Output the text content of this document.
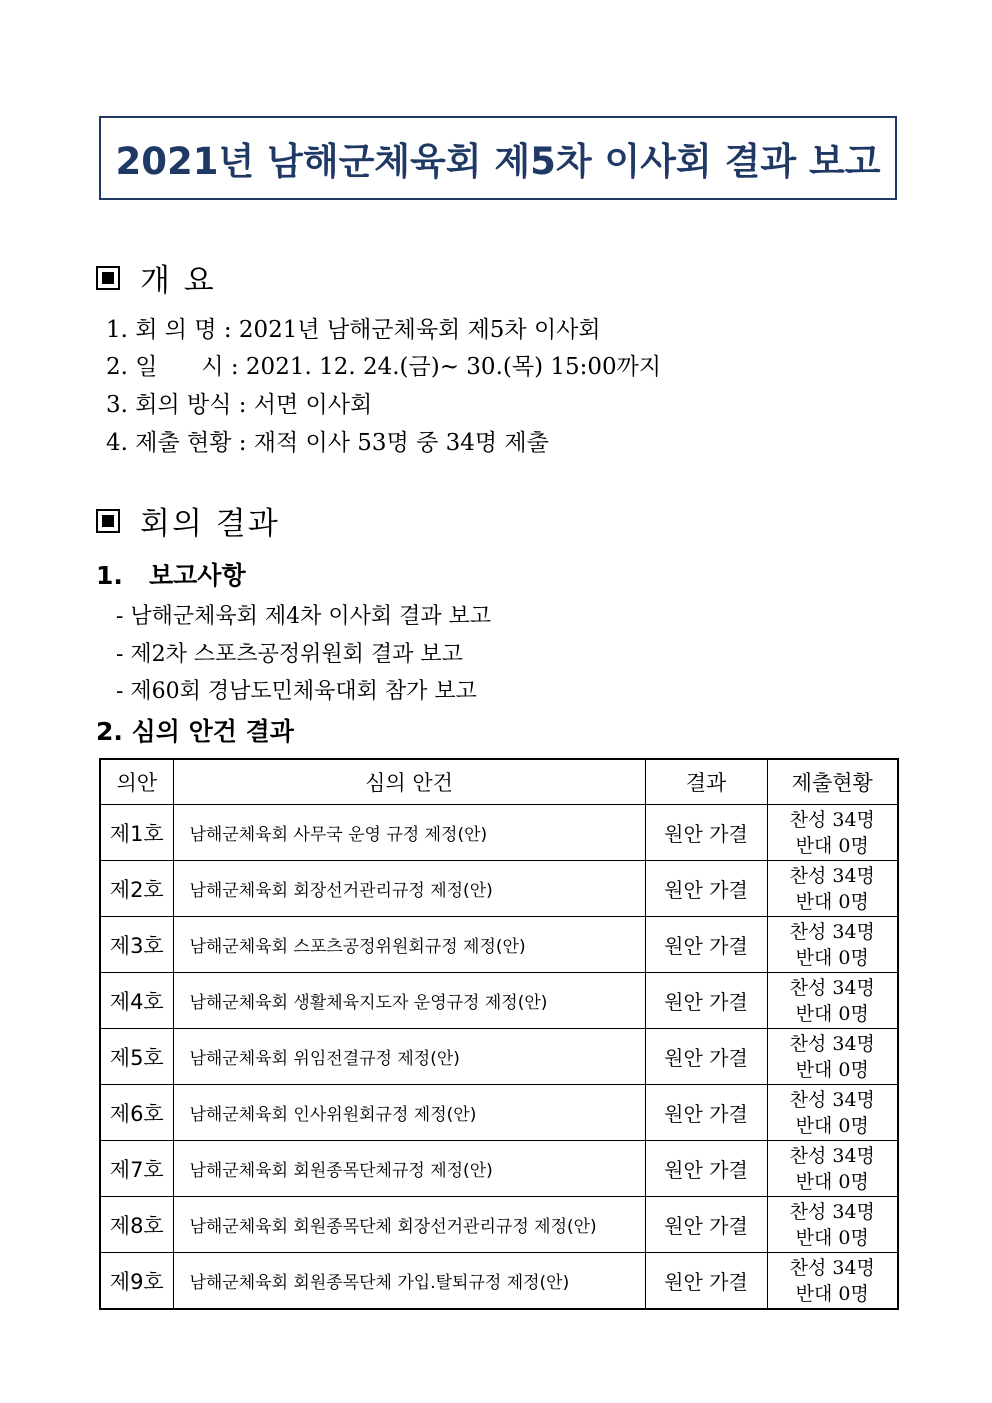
2021년 남해군체육회 제5차 이사회 결과 보고
개 요
1. 회 의 명 : 2021년 남해군체육회 제5차 이사회
2. 일      시 : 2021. 12. 24.(금)~ 30.(목) 15:00까지
3. 회의 방식 : 서면 이사회
4. 제출 현황 : 재적 이사 53명 중 34명 제출
회의 결과
1.   보고사항
- 남해군체육회 제4차 이사회 결과 보고
- 제2차 스포츠공정위원회 결과 보고
- 제60회 경남도민체육대회 참가 보고
2. 심의 안건 결과
의안	심의 안건	결과	제출현황
제1호	남해군체육회 사무국 운영 규정 제정(안)	원안 가결	찬성 34명
반대 0명

제2호	남해군체육회 회장선거관리규정 제정(안)	원안 가결	찬성 34명
반대 0명

제3호	남해군체육회 스포츠공정위원회규정 제정(안)	원안 가결	찬성 34명
반대 0명

제4호	남해군체육회 생활체육지도자 운영규정 제정(안)	원안 가결	찬성 34명
반대 0명

제5호	남해군체육회 위임전결규정 제정(안)	원안 가결	찬성 34명
반대 0명

제6호	남해군체육회 인사위원회규정 제정(안)	원안 가결	찬성 34명
반대 0명

제7호	남해군체육회 회원종목단체규정 제정(안)	원안 가결	찬성 34명
반대 0명

제8호	남해군체육회 회원종목단체 회장선거관리규정 제정(안)	원안 가결	찬성 34명
반대 0명

제9호	남해군체육회 회원종목단체 가입.탈퇴규정 제정(안)	원안 가결	찬성 34명
반대 0명
